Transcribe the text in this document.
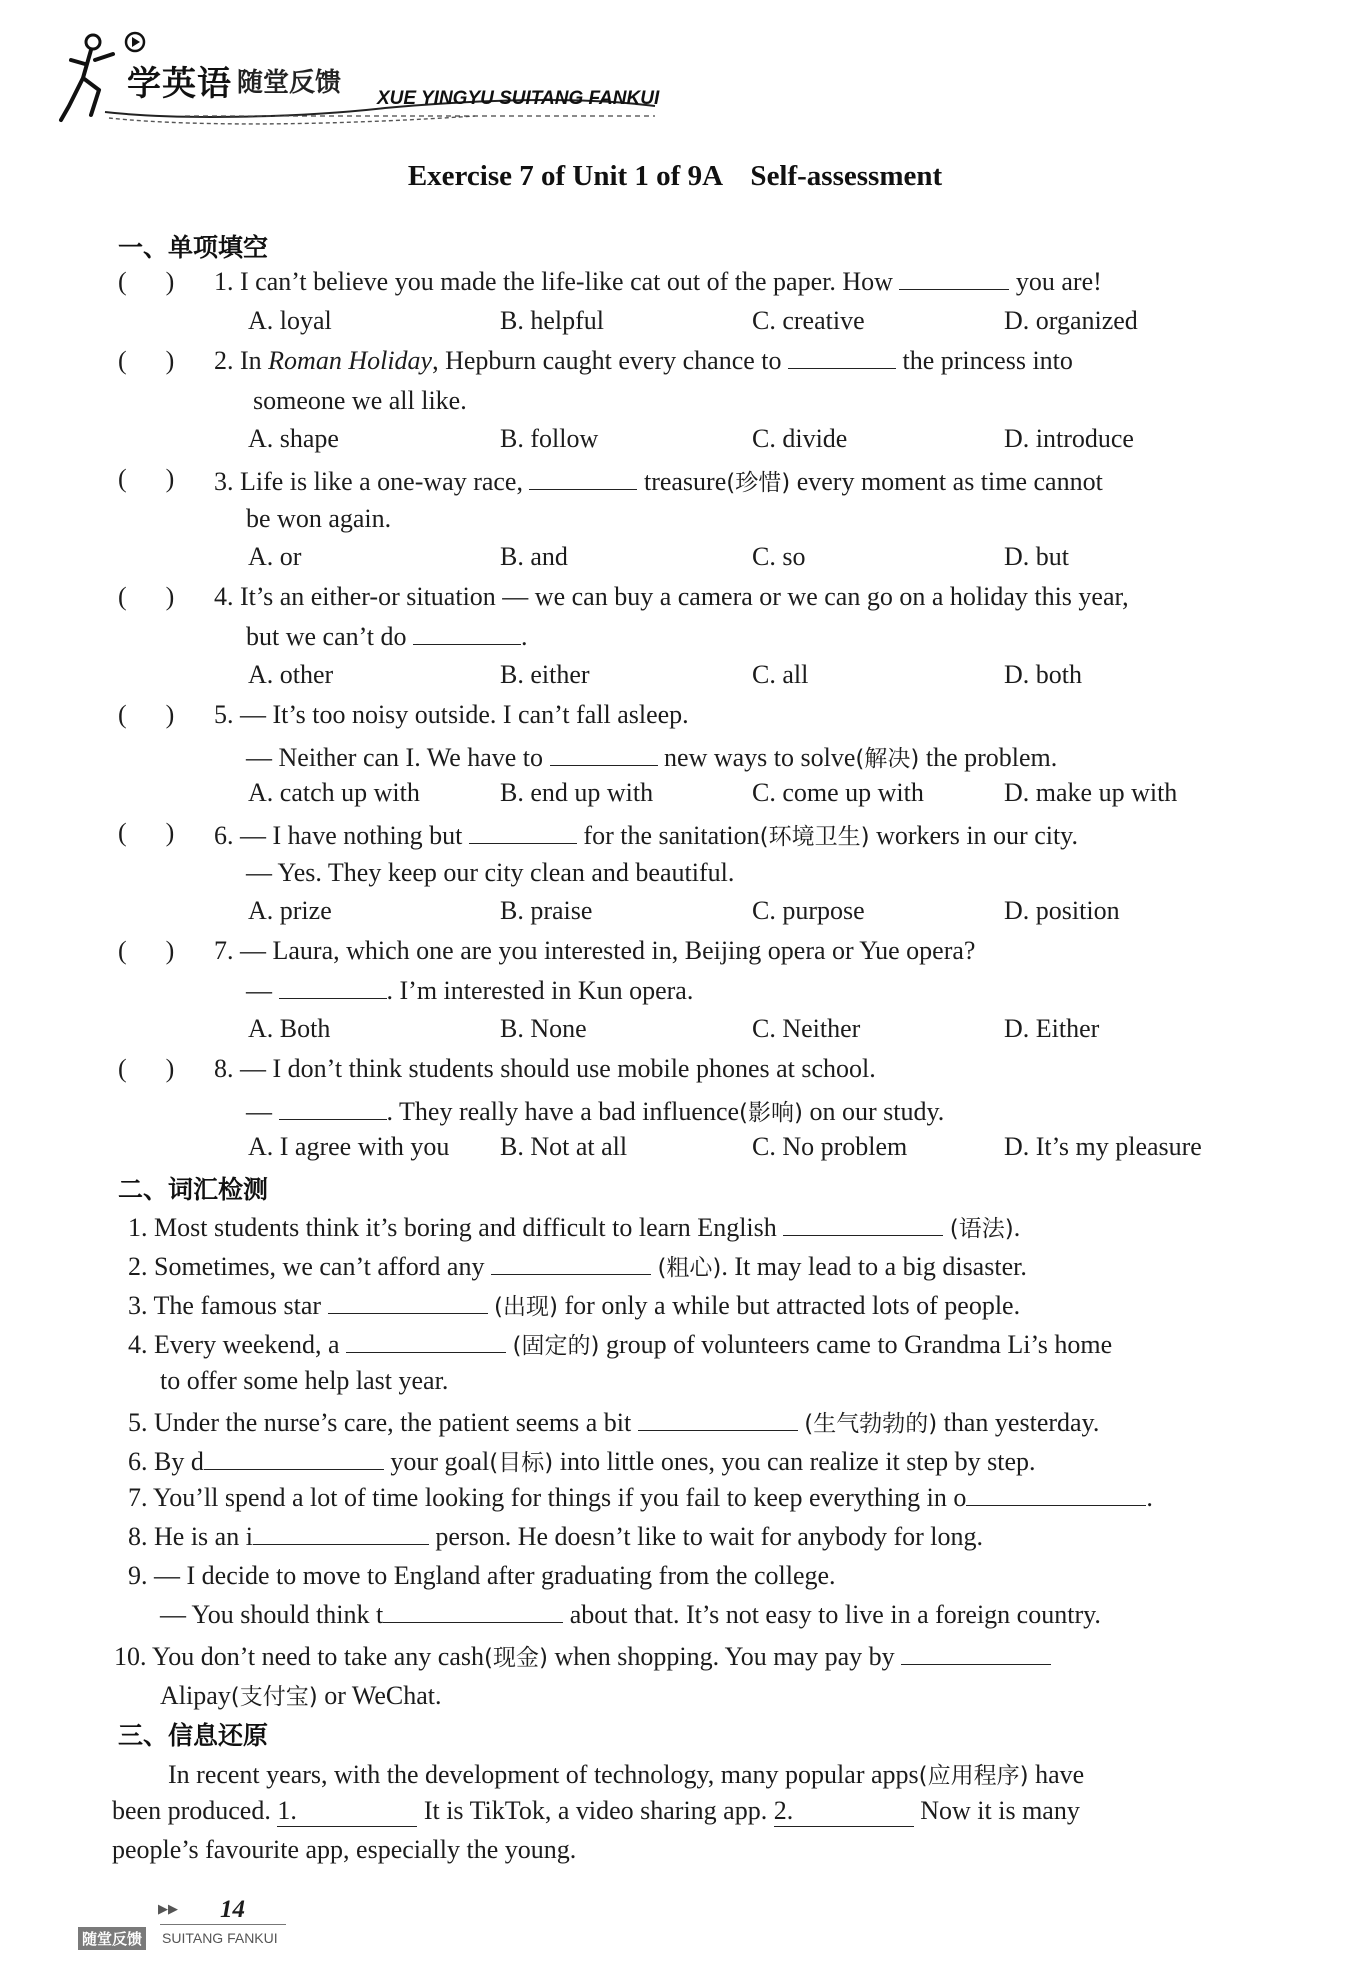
学英语 随堂反馈
XUE YINGYU SUITANG FANKUI
Exercise 7 of Unit 1 of 9A    Self-assessment
一、单项填空
(      ) 1. I can’t believe you made the life-like cat out of the paper. How	you are!
A. loyal	B. helpful	C. creative	D. organized
(      ) 2. In Roman Holiday, Hepburn caught every chance to	the princess into
someone we all like.
A. shape	B. follow	C. divide	D. introduce
(      ) 3. Life is like a one-way race,	treasure(珍惜) every moment as time cannot
be won again.
A. or	B. and	C. so	D. but
(      ) 4. It’s an either-or situation — we can buy a camera or we can go on a holiday this year,
but we can’t do	.
A. other	B. either	C. all	D. both
(      ) 5. — It’s too noisy outside. I can’t fall asleep.
— Neither can I. We have to	new ways to solve(解决) the problem.
A. catch up with	B. end up with	C. come up with	D. make up with
(      ) 6. — I have nothing but	for the sanitation(环境卫生) workers in our city.
— Yes. They keep our city clean and beautiful.
A. prize	B. praise	C. purpose	D. position
(      ) 7. — Laura, which one are you interested in, Beijing opera or Yue opera?
—	. I’m interested in Kun opera.
A. Both	B. None	C. Neither	D. Either
(      ) 8. — I don’t think students should use mobile phones at school.
—	. They really have a bad influence(影响) on our study.
A. I agree with you B. Not at all	C. No problem	D. It’s my pleasure
二、词汇检测
1. Most students think it’s boring and difficult to learn English	(语法).
2. Sometimes, we can’t afford any	(粗心). It may lead to a big disaster.
3. The famous star	(出现) for only a while but attracted lots of people.
4. Every weekend, a	(固定的) group of volunteers came to Grandma Li’s home
to offer some help last year.
5. Under the nurse’s care, the patient seems a bit	(生气勃勃的) than yesterday.
6. By d	your goal(目标) into little ones, you can realize it step by step.
7. You’ll spend a lot of time looking for things if you fail to keep everything in o	.
8. He is an i	person. He doesn’t like to wait for anybody for long.
9. — I decide to move to England after graduating from the college.
— You should think t	about that. It’s not easy to live in a foreign country.
10. You don’t need to take any cash(现金) when shopping. You may pay by
Alipay(支付宝) or WeChat.
三、信息还原
In recent years, with the development of technology, many popular apps(应用程序) have
been produced. 1.	It is TikTok, a video sharing app. 2.	Now it is many
people’s favourite app, especially the young.
▶▶ 14
随堂反馈 SUITANG FANKUI
